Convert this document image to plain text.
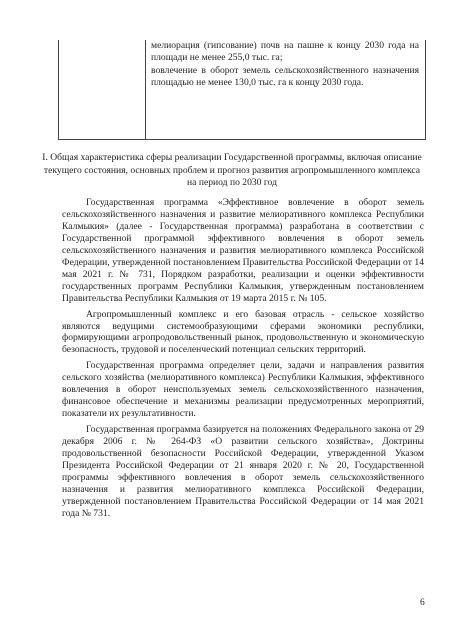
мелиорация (гипсование) почв на пашне к концу 2030 года на площади не менее 255,0 тыс. га;

вовлечение в оборот земель сельскохозяйственного назначения площадью не менее 130,0 тыс. га к концу 2030 года.

I. Общая характеристика сферы реализации Государственной программы, включая описание текущего состояния, основных проблем и прогноз развития агропромышленного комплекса на период по 2030 год

Государственная программа «Эффективное вовлечение в оборот земель сельскохозяйственного назначения и развитие мелиоративного комплекса Республики Калмыкия» (далее - Государственная программа) разработана в соответствии с Государственной программой эффективного вовлечения в оборот земель сельскохозяйственного назначения и развития мелиоративного комплекса Российской Федерации, утвержденной постановлением Правительства Российской Федерации от 14 мая 2021 г. № 731, Порядком разработки, реализации и оценки эффективности государственных программ Республики Калмыкия, утвержденным постановлением Правительства Республики Калмыкия от 19 марта 2015 г. № 105.

Агропромышленный комплекс и его базовая отрасль - сельское хозяйство являются ведущими системообразующими сферами экономики республики, формирующими агропродовольственный рынок, продовольственную и экономическую безопасность, трудовой и поселенческий потенциал сельских территорий.

Государственная программа определяет цели, задачи и направления развития сельского хозяйства (мелиоративного комплекса) Республики Калмыкия, эффективного вовлечения в оборот неиспользуемых земель сельскохозяйственного назначения, финансовое обеспечение и механизмы реализации предусмотренных мероприятий, показатели их результативности.

Государственная программа базируется на положениях Федерального закона от 29 декабря 2006 г. № 264-ФЗ «О развитии сельского хозяйства», Доктрины продовольственной безопасности Российской Федерации, утвержденной Указом Президента Российской Федерации от 21 января 2020 г. № 20, Государственной программы эффективного вовлечения в оборот земель сельскохозяйственного назначения и развития мелиоративного комплекса Российской Федерации, утвержденной постановлением Правительства Российской Федерации от 14 мая 2021 года № 731.

6
